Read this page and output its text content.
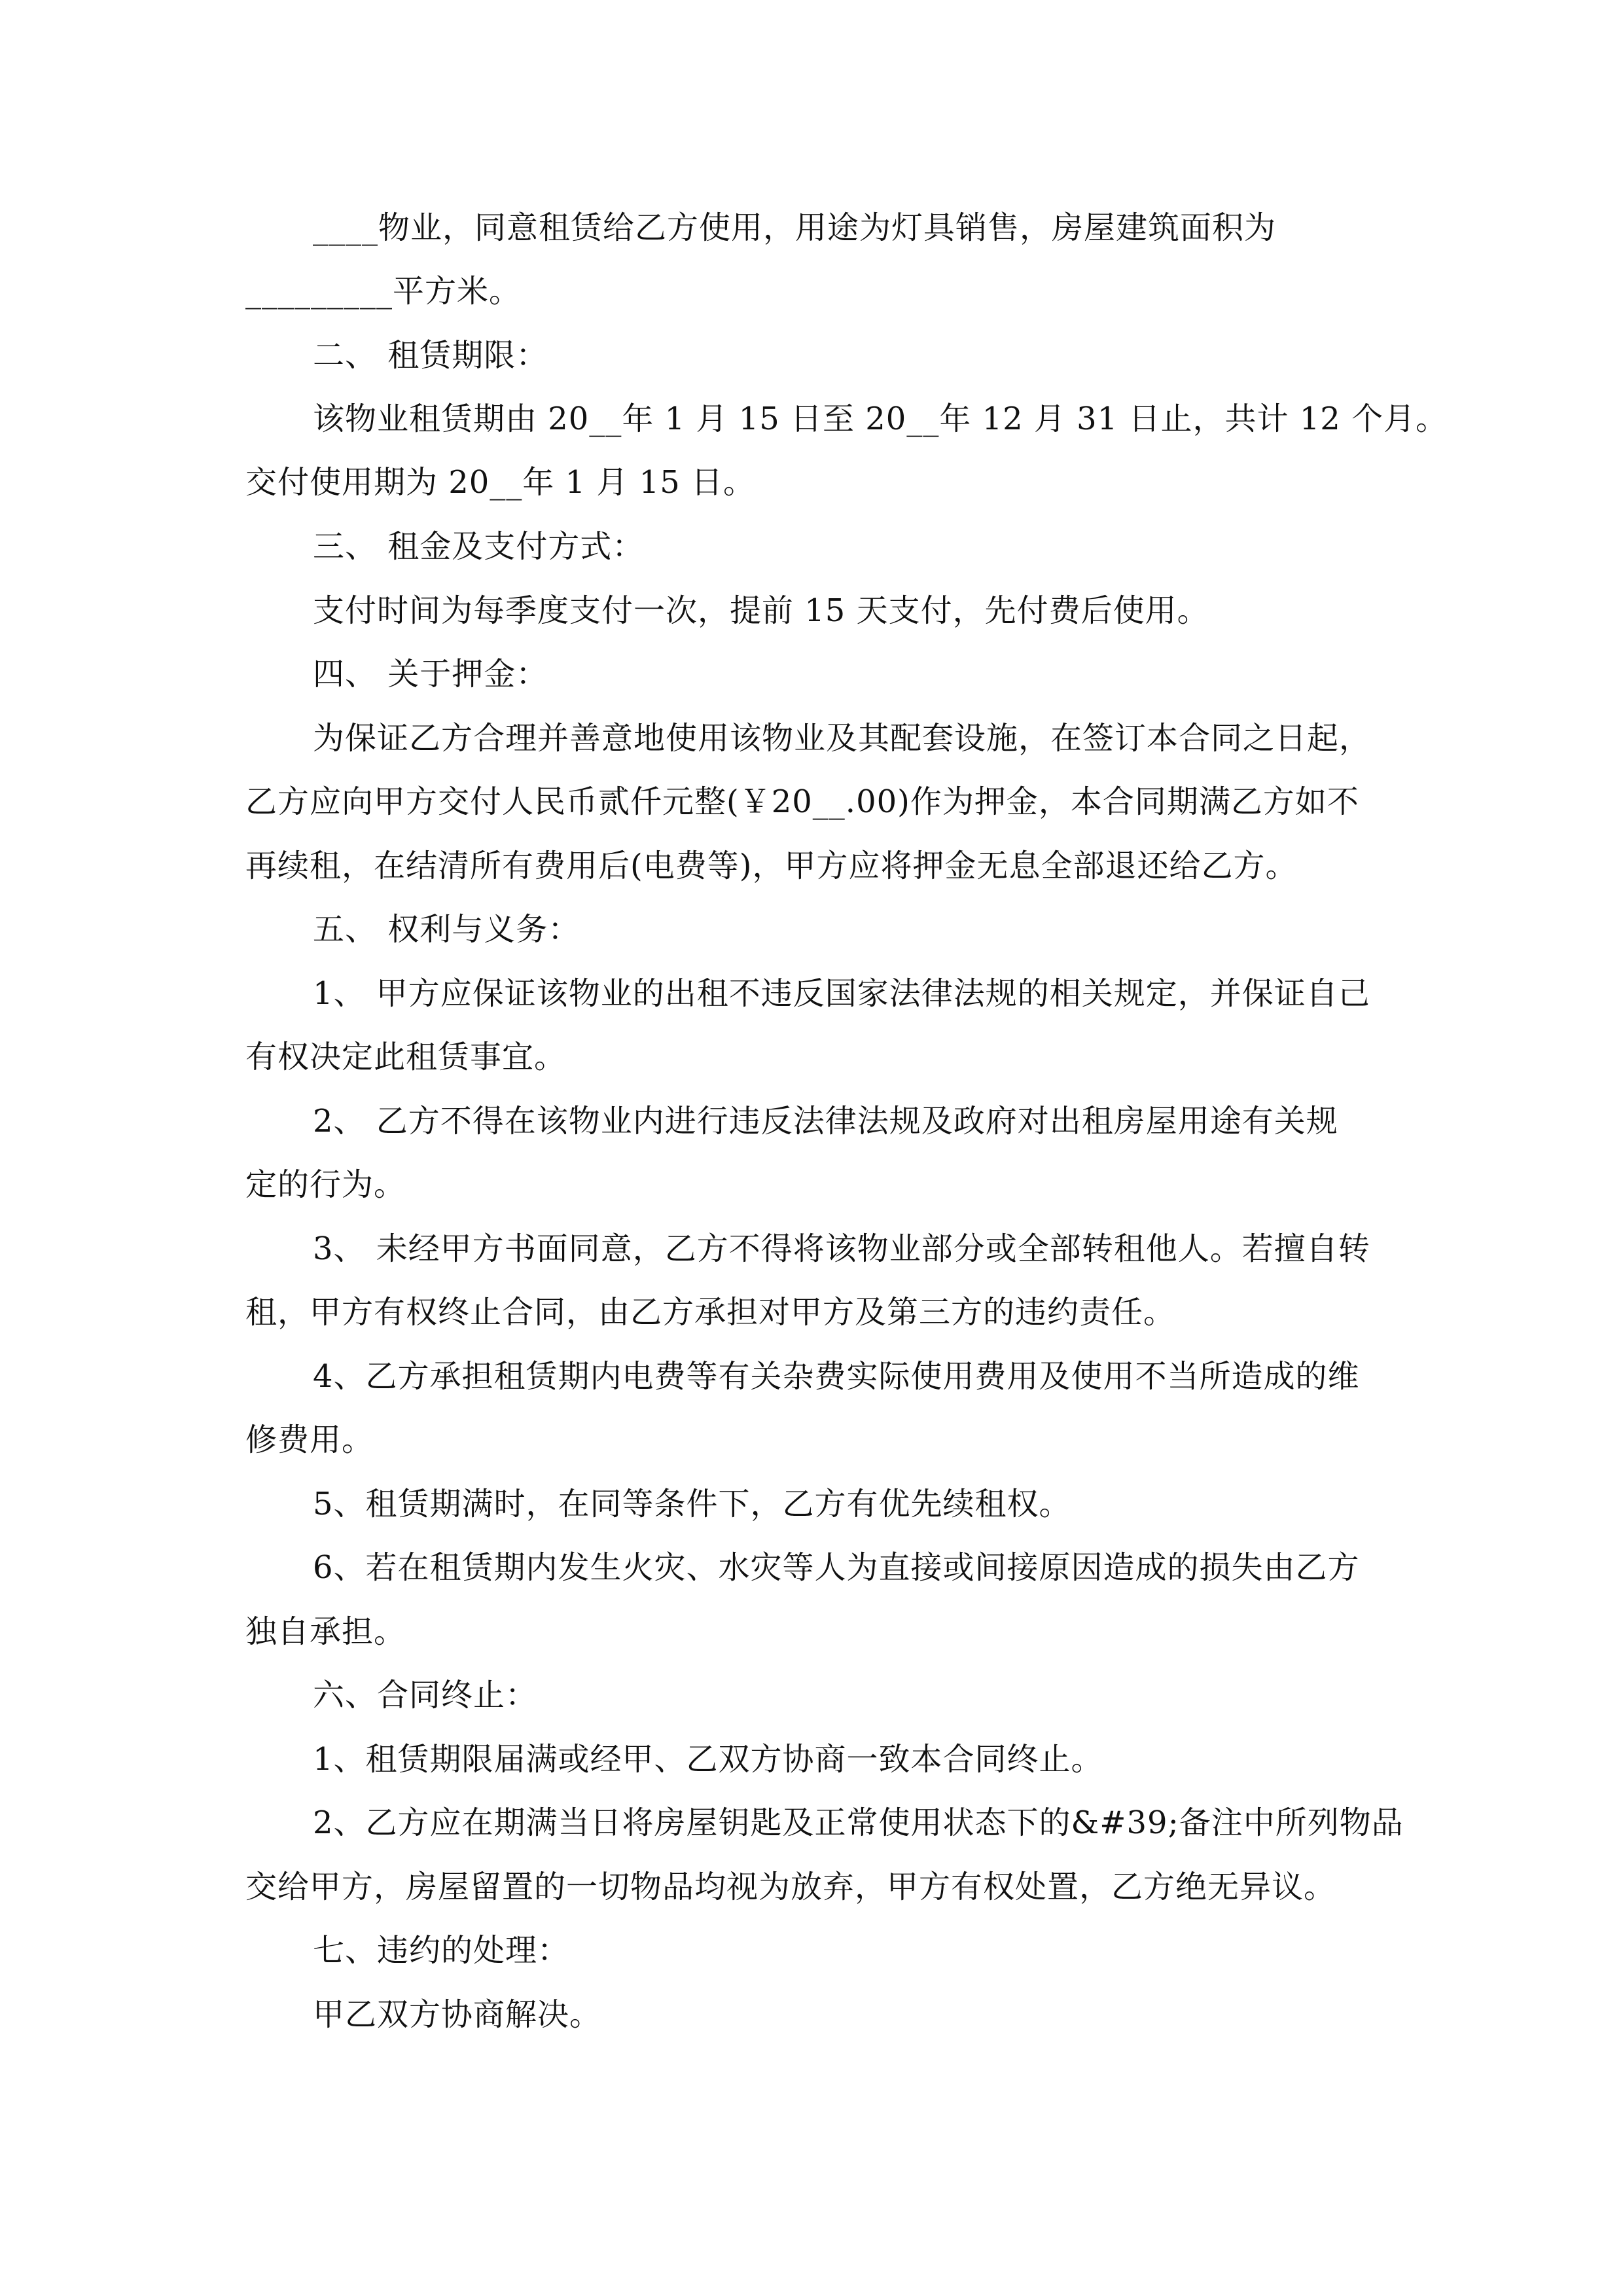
____物业，同意租赁给乙方使用，用途为灯具销售，房屋建筑面积为
_________平方米。
二、 租赁期限：
该物业租赁期由 20__年 1 月 15 日至 20__年 12 月 31 日止，共计 12 个月。
交付使用期为 20__年 1 月 15 日。
三、 租金及支付方式：
支付时间为每季度支付一次，提前 15 天支付，先付费后使用。
四、 关于押金：
为保证乙方合理并善意地使用该物业及其配套设施，在签订本合同之日起，
乙方应向甲方交付人民币贰仟元整(￥20__.00)作为押金，本合同期满乙方如不
再续租，在结清所有费用后(电费等)，甲方应将押金无息全部退还给乙方。
五、 权利与义务：
1、 甲方应保证该物业的出租不违反国家法律法规的相关规定，并保证自己
有权决定此租赁事宜。
2、 乙方不得在该物业内进行违反法律法规及政府对出租房屋用途有关规
定的行为。
3、 未经甲方书面同意，乙方不得将该物业部分或全部转租他人。若擅自转
租，甲方有权终止合同，由乙方承担对甲方及第三方的违约责任。
4、乙方承担租赁期内电费等有关杂费实际使用费用及使用不当所造成的维
修费用。
5、租赁期满时，在同等条件下，乙方有优先续租权。
6、若在租赁期内发生火灾、水灾等人为直接或间接原因造成的损失由乙方
独自承担。
六、合同终止：
1、租赁期限届满或经甲、乙双方协商一致本合同终止。
2、乙方应在期满当日将房屋钥匙及正常使用状态下的&#39;备注中所列物品
交给甲方，房屋留置的一切物品均视为放弃，甲方有权处置，乙方绝无异议。
七、违约的处理：
甲乙双方协商解决。
